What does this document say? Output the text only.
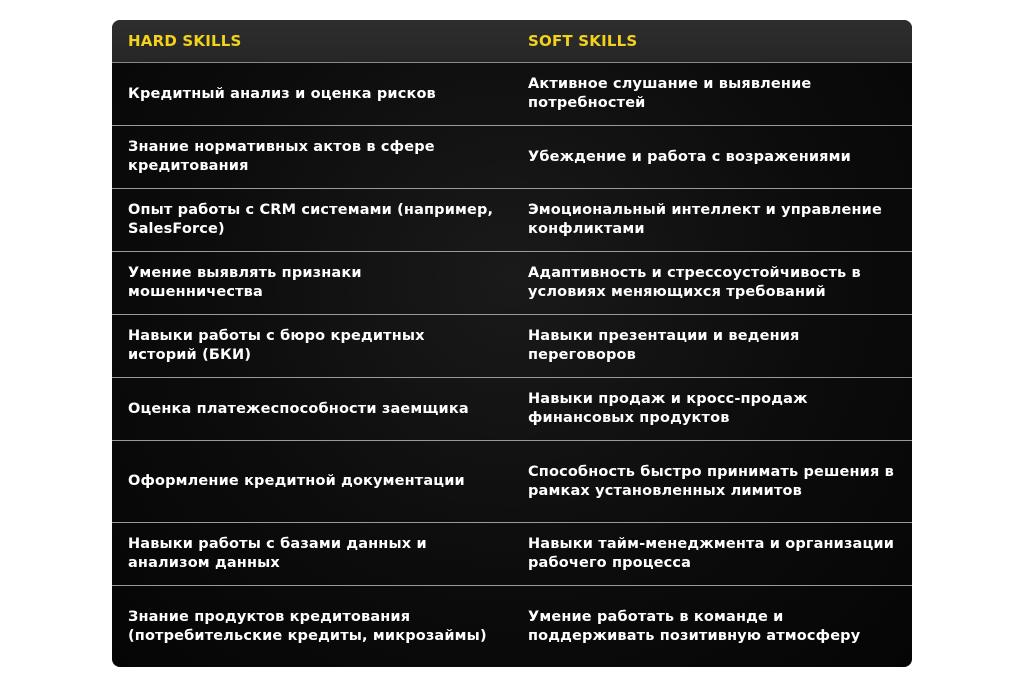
HARD SKILLS	SOFT SKILLS
Кредитный анализ и оценка рисков
Активное слушание и выявление потребностей
Знание нормативных актов в сфере кредитования
Убеждение и работа с возражениями
Опыт работы с CRM системами (например, SalesForce)
Эмоциональный интеллект и управление конфликтами
Умение выявлять признаки мошенничества
Адаптивность и стрессоустойчивость в условиях меняющихся требований
Навыки работы с бюро кредитных историй (БКИ)
Навыки презентации и ведения переговоров
Оценка платежеспособности заемщика
Навыки продаж и кросс-продаж финансовых продуктов
Оформление кредитной документации
Способность быстро принимать решения в рамках установленных лимитов
Навыки работы с базами данных и анализом данных
Навыки тайм-менеджмента и организации рабочего процесса
Знание продуктов кредитования (потребительские кредиты, микрозаймы)
Умение работать в команде и поддерживать позитивную атмосферу
